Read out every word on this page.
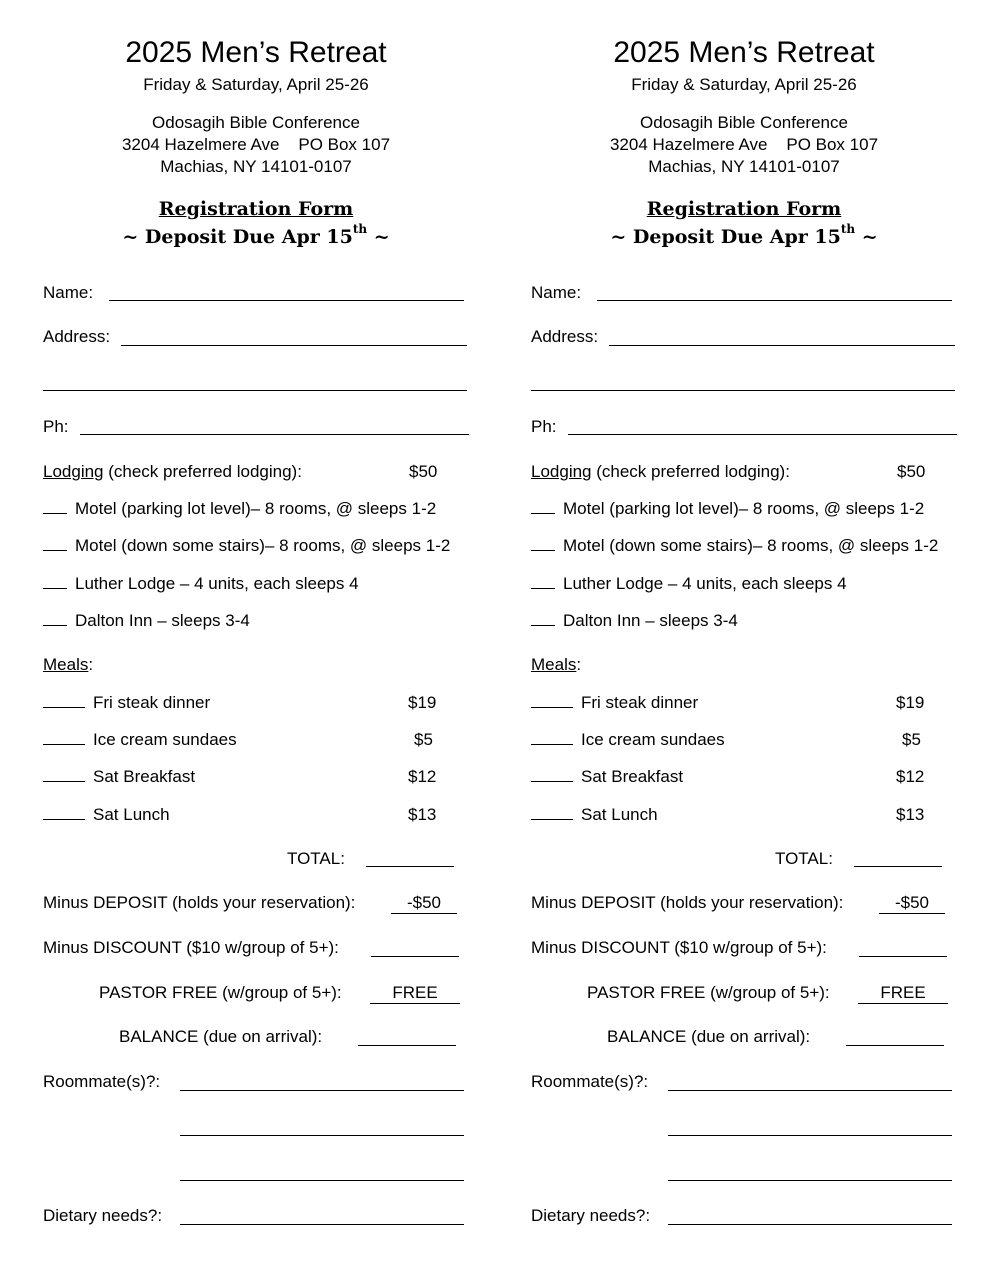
2025 Men’s Retreat
Friday & Saturday, April 25-26
Odosagih Bible Conference
3204 Hazelmere Ave    PO Box 107
Machias, NY 14101-0107
Registration Form
~ Deposit Due Apr 15th ~
Name:
Address:
Ph:
Lodging (check preferred lodging):	$50
Motel (parking lot level)– 8 rooms, @ sleeps 1-2
Motel (down some stairs)– 8 rooms, @ sleeps 1-2
Luther Lodge – 4 units, each sleeps 4
Dalton Inn – sleeps 3-4
Meals:
Fri steak dinner	$19
Ice cream sundaes	$5
Sat Breakfast	$12
Sat Lunch	$13
TOTAL:
Minus DEPOSIT (holds your reservation):	-$50
Minus DISCOUNT ($10 w/group of 5+):
PASTOR FREE (w/group of 5+):	FREE
BALANCE (due on arrival):
Roommate(s)?:
Dietary needs?:
2025 Men’s Retreat
Friday & Saturday, April 25-26
Odosagih Bible Conference
3204 Hazelmere Ave    PO Box 107
Machias, NY 14101-0107
Registration Form
~ Deposit Due Apr 15th ~
Name:
Address:
Ph:
Lodging (check preferred lodging):	$50
Motel (parking lot level)– 8 rooms, @ sleeps 1-2
Motel (down some stairs)– 8 rooms, @ sleeps 1-2
Luther Lodge – 4 units, each sleeps 4
Dalton Inn – sleeps 3-4
Meals:
Fri steak dinner	$19
Ice cream sundaes	$5
Sat Breakfast	$12
Sat Lunch	$13
TOTAL:
Minus DEPOSIT (holds your reservation):	-$50
Minus DISCOUNT ($10 w/group of 5+):
PASTOR FREE (w/group of 5+):	FREE
BALANCE (due on arrival):
Roommate(s)?:
Dietary needs?:
